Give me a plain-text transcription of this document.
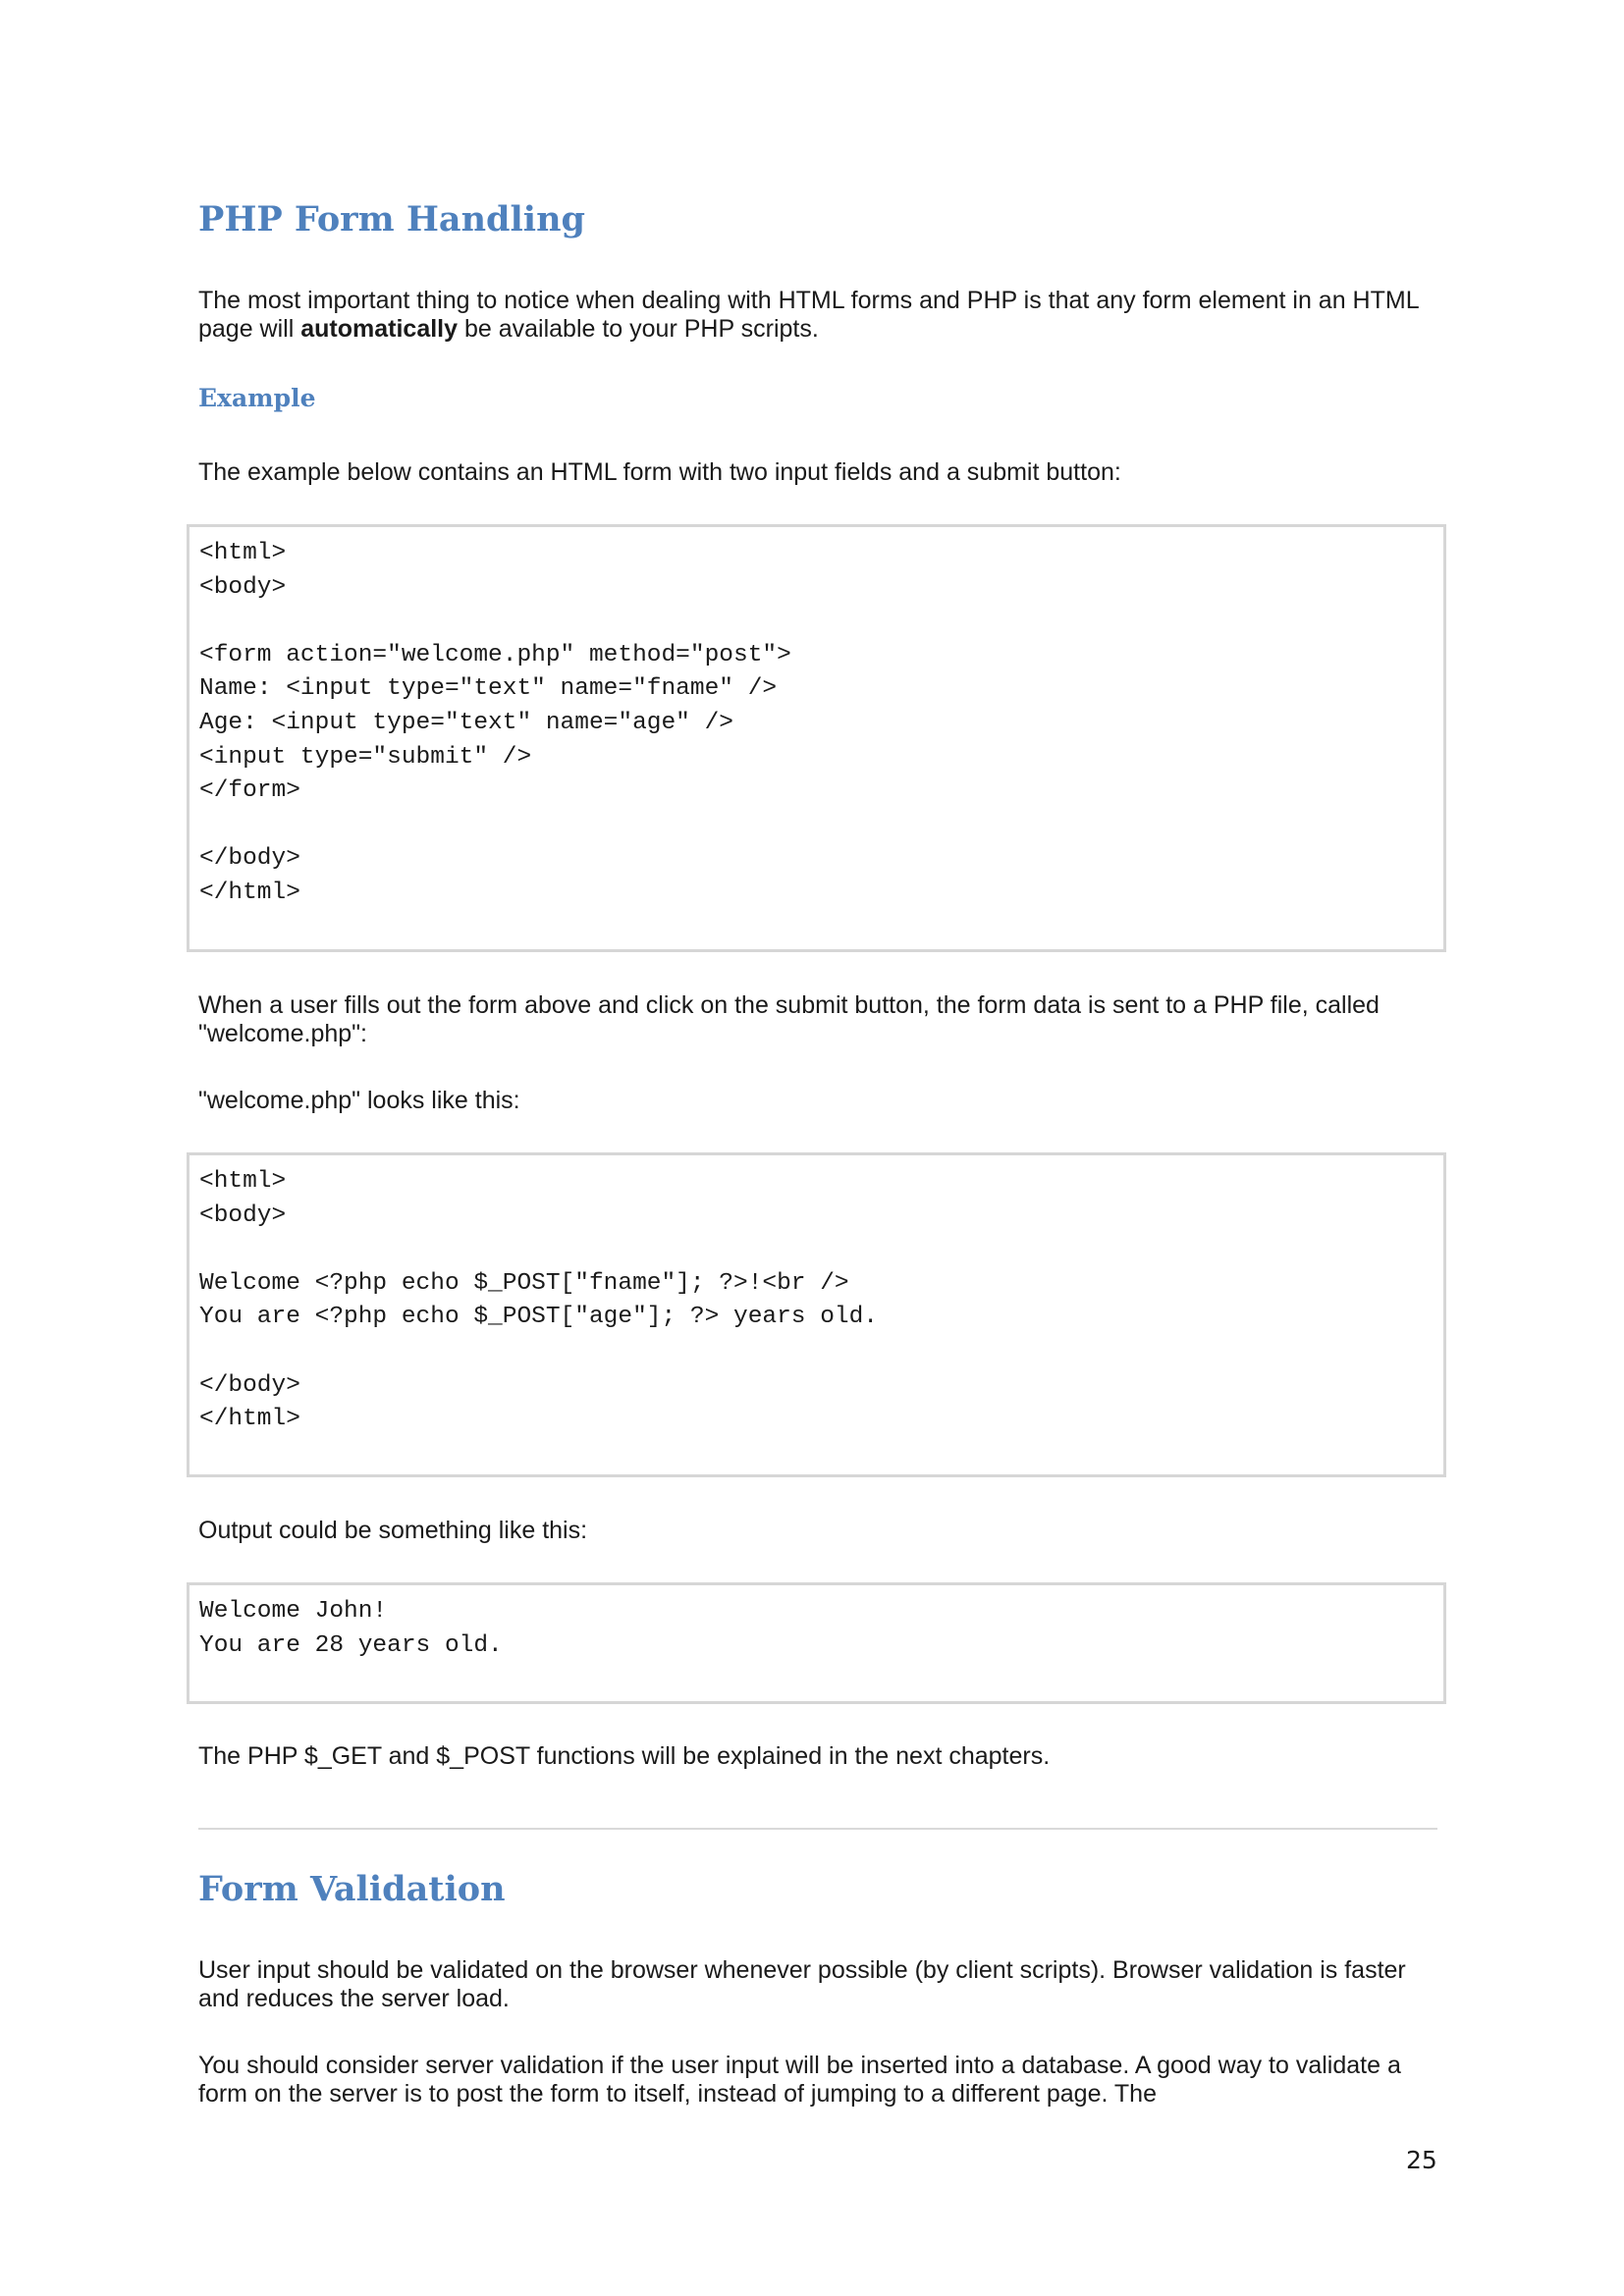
PHP Form Handling

The most important thing to notice when dealing with HTML forms and PHP is that any form element in an HTML page will automatically be available to your PHP scripts.

Example

The example below contains an HTML form with two input fields and a submit button:

<html>
<body>
<form action="welcome.php" method="post">
Name: <input type="text" name="fname" />
Age: <input type="text" name="age" />
<input type="submit" />
</form>
</body>
</html>

When a user fills out the form above and click on the submit button, the form data is sent to a PHP file, called "welcome.php":

"welcome.php" looks like this:

<html>
<body>
Welcome <?php echo $_POST["fname"]; ?>!<br />
You are <?php echo $_POST["age"]; ?> years old.
</body>
</html>

Output could be something like this:

Welcome John!
You are 28 years old.

The PHP $_GET and $_POST functions will be explained in the next chapters.

Form Validation

User input should be validated on the browser whenever possible (by client scripts). Browser validation is faster and reduces the server load.

You should consider server validation if the user input will be inserted into a database. A good way to validate a form on the server is to post the form to itself, instead of jumping to a different page. The

25
